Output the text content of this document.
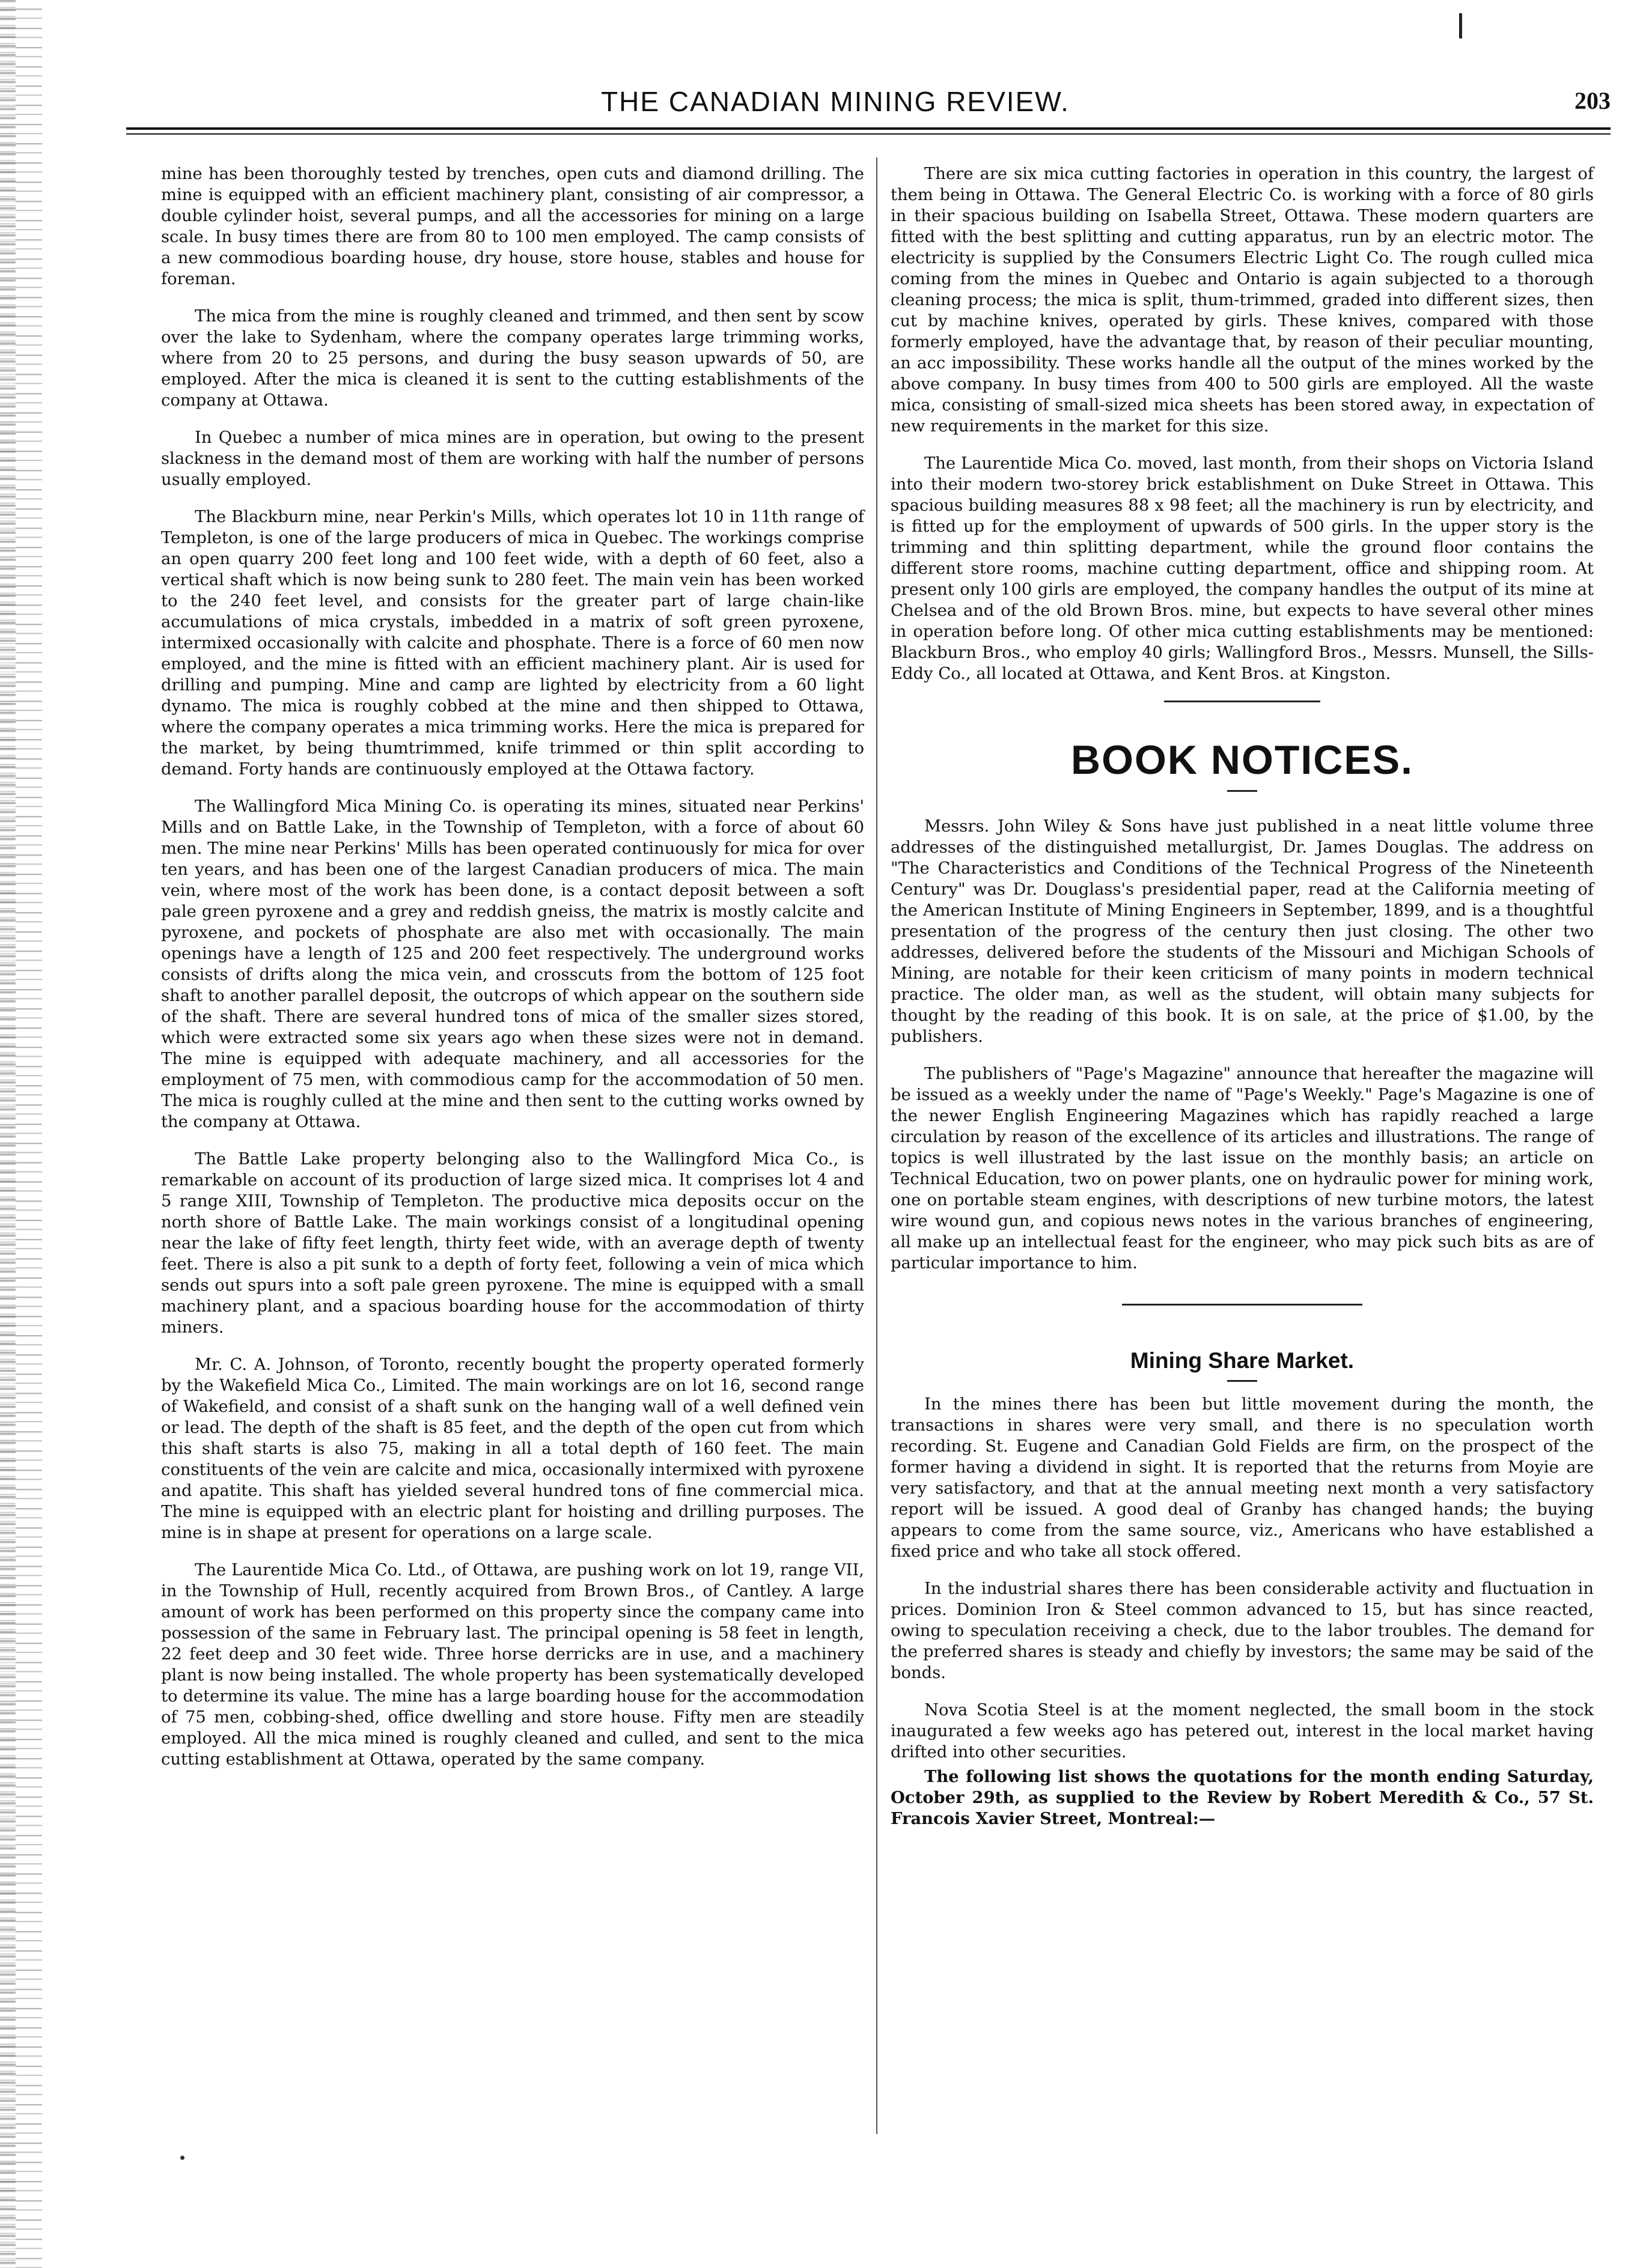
THE CANADIAN MINING REVIEW.	203

mine has been thoroughly tested by trenches, open cuts and diamond drilling. The mine is equipped with an efficient machinery plant, consisting of air compressor, a double cylinder hoist, several pumps, and all the accessories for mining on a large scale. In busy times there are from 80 to 100 men employed. The camp consists of a new commodious boarding house, dry house, store house, stables and house for foreman.

The mica from the mine is roughly cleaned and trimmed, and then sent by scow over the lake to Sydenham, where the company operates large trimming works, where from 20 to 25 persons, and during the busy season upwards of 50, are employed. After the mica is cleaned it is sent to the cutting establishments of the company at Ottawa.

In Quebec a number of mica mines are in operation, but owing to the present slackness in the demand most of them are working with half the number of persons usually employed.

The Blackburn mine, near Perkin's Mills, which operates lot 10 in 11th range of Templeton, is one of the large producers of mica in Quebec. The workings comprise an open quarry 200 feet long and 100 feet wide, with a depth of 60 feet, also a vertical shaft which is now being sunk to 280 feet. The main vein has been worked to the 240 feet level, and consists for the greater part of large chain-like accumulations of mica crystals, imbedded in a matrix of soft green pyroxene, intermixed occasionally with calcite and phosphate. There is a force of 60 men now employed, and the mine is fitted with an efficient machinery plant. Air is used for drilling and pumping. Mine and camp are lighted by electricity from a 60 light dynamo. The mica is roughly cobbed at the mine and then shipped to Ottawa, where the company operates a mica trimming works. Here the mica is prepared for the market, by being thumtrimmed, knife trimmed or thin split according to demand. Forty hands are continuously employed at the Ottawa factory.

The Wallingford Mica Mining Co. is operating its mines, situated near Perkins' Mills and on Battle Lake, in the Township of Templeton, with a force of about 60 men. The mine near Perkins' Mills has been operated continuously for mica for over ten years, and has been one of the largest Canadian producers of mica. The main vein, where most of the work has been done, is a contact deposit between a soft pale green pyroxene and a grey and reddish gneiss, the matrix is mostly calcite and pyroxene, and pockets of phosphate are also met with occasionally. The main openings have a length of 125 and 200 feet respectively. The underground works consists of drifts along the mica vein, and crosscuts from the bottom of 125 foot shaft to another parallel deposit, the outcrops of which appear on the southern side of the shaft. There are several hundred tons of mica of the smaller sizes stored, which were extracted some six years ago when these sizes were not in demand. The mine is equipped with adequate machinery, and all accessories for the employment of 75 men, with commodious camp for the accommodation of 50 men. The mica is roughly culled at the mine and then sent to the cutting works owned by the company at Ottawa.

The Battle Lake property belonging also to the Wallingford Mica Co., is remarkable on account of its production of large sized mica. It comprises lot 4 and 5 range XIII, Township of Templeton. The productive mica deposits occur on the north shore of Battle Lake. The main workings consist of a longitudinal opening near the lake of fifty feet length, thirty feet wide, with an average depth of twenty feet. There is also a pit sunk to a depth of forty feet, following a vein of mica which sends out spurs into a soft pale green pyroxene. The mine is equipped with a small machinery plant, and a spacious boarding house for the accommodation of thirty miners.

Mr. C. A. Johnson, of Toronto, recently bought the property operated formerly by the Wakefield Mica Co., Limited. The main workings are on lot 16, second range of Wakefield, and consist of a shaft sunk on the hanging wall of a well defined vein or lead. The depth of the shaft is 85 feet, and the depth of the open cut from which this shaft starts is also 75, making in all a total depth of 160 feet. The main constituents of the vein are calcite and mica, occasionally intermixed with pyroxene and apatite. This shaft has yielded several hundred tons of fine commercial mica. The mine is equipped with an electric plant for hoisting and drilling purposes. The mine is in shape at present for operations on a large scale.

The Laurentide Mica Co. Ltd., of Ottawa, are pushing work on lot 19, range VII, in the Township of Hull, recently acquired from Brown Bros., of Cantley. A large amount of work has been performed on this property since the company came into possession of the same in February last. The principal opening is 58 feet in length, 22 feet deep and 30 feet wide. Three horse derricks are in use, and a machinery plant is now being installed. The whole property has been systematically developed to determine its value. The mine has a large boarding house for the accommodation of 75 men, cobbing-shed, office dwelling and store house. Fifty men are steadily employed. All the mica mined is roughly cleaned and culled, and sent to the mica cutting establishment at Ottawa, operated by the same company.

There are six mica cutting factories in operation in this country, the largest of them being in Ottawa. The General Electric Co. is working with a force of 80 girls in their spacious building on Isabella Street, Ottawa. These modern quarters are fitted with the best splitting and cutting apparatus, run by an electric motor. The electricity is supplied by the Consumers Electric Light Co. The rough culled mica coming from the mines in Quebec and Ontario is again subjected to a thorough cleaning process; the mica is split, thum-trimmed, graded into different sizes, then cut by machine knives, operated by girls. These knives, compared with those formerly employed, have the advantage that, by reason of their peculiar mounting, an acc impossibility. These works handle all the output of the mines worked by the above company. In busy times from 400 to 500 girls are employed. All the waste mica, consisting of small-sized mica sheets has been stored away, in expectation of new requirements in the market for this size.

The Laurentide Mica Co. moved, last month, from their shops on Victoria Island into their modern two-storey brick establishment on Duke Street in Ottawa. This spacious building measures 88 x 98 feet; all the machinery is run by electricity, and is fitted up for the employment of upwards of 500 girls. In the upper story is the trimming and thin splitting department, while the ground floor contains the different store rooms, machine cutting department, office and shipping room. At present only 100 girls are employed, the company handles the output of its mine at Chelsea and of the old Brown Bros. mine, but expects to have several other mines in operation before long. Of other mica cutting establishments may be mentioned: Blackburn Bros., who employ 40 girls; Wallingford Bros., Messrs. Munsell, the Sills-Eddy Co., all located at Ottawa, and Kent Bros. at Kingston.

BOOK NOTICES.

Messrs. John Wiley & Sons have just published in a neat little volume three addresses of the distinguished metallurgist, Dr. James Douglas. The address on "The Characteristics and Conditions of the Technical Progress of the Nineteenth Century" was Dr. Douglass's presidential paper, read at the California meeting of the American Institute of Mining Engineers in September, 1899, and is a thoughtful presentation of the progress of the century then just closing. The other two addresses, delivered before the students of the Missouri and Michigan Schools of Mining, are notable for their keen criticism of many points in modern technical practice. The older man, as well as the student, will obtain many subjects for thought by the reading of this book. It is on sale, at the price of $1.00, by the publishers.

The publishers of "Page's Magazine" announce that hereafter the magazine will be issued as a weekly under the name of "Page's Weekly." Page's Magazine is one of the newer English Engineering Magazines which has rapidly reached a large circulation by reason of the excellence of its articles and illustrations. The range of topics is well illustrated by the last issue on the monthly basis; an article on Technical Education, two on power plants, one on hydraulic power for mining work, one on portable steam engines, with descriptions of new turbine motors, the latest wire wound gun, and copious news notes in the various branches of engineering, all make up an intellectual feast for the engineer, who may pick such bits as are of particular importance to him.

Mining Share Market.

In the mines there has been but little movement during the month, the transactions in shares were very small, and there is no speculation worth recording. St. Eugene and Canadian Gold Fields are firm, on the prospect of the former having a dividend in sight. It is reported that the returns from Moyie are very satisfactory, and that at the annual meeting next month a very satisfactory report will be issued. A good deal of Granby has changed hands; the buying appears to come from the same source, viz., Americans who have established a fixed price and who take all stock offered.

In the industrial shares there has been considerable activity and fluctuation in prices. Dominion Iron & Steel common advanced to 15, but has since reacted, owing to speculation receiving a check, due to the labor troubles. The demand for the preferred shares is steady and chiefly by investors; the same may be said of the bonds.

Nova Scotia Steel is at the moment neglected, the small boom in the stock inaugurated a few weeks ago has petered out, interest in the local market having drifted into other securities.

The following list shows the quotations for the month ending Saturday, October 29th, as supplied to the Review by Robert Meredith & Co., 57 St. Francois Xavier Street, Montreal:—
